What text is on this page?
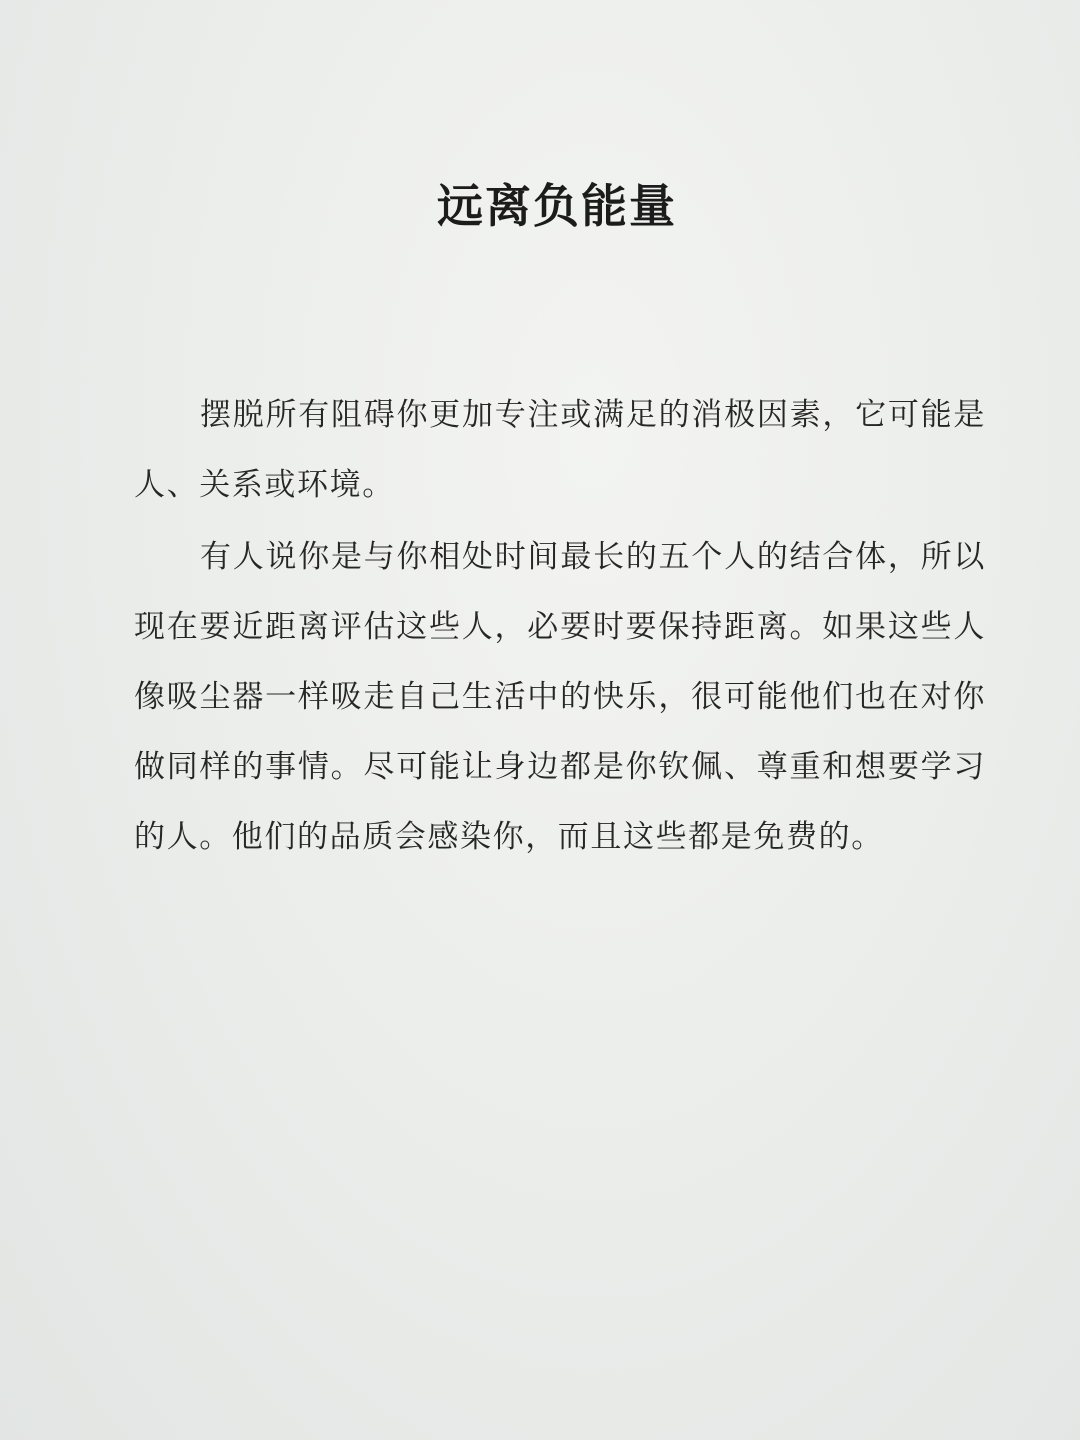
远离负能量

摆脱所有阻碍你更加专注或满足的消极因素，它可能是人、关系或环境。

有人说你是与你相处时间最长的五个人的结合体，所以现在要近距离评估这些人，必要时要保持距离。如果这些人像吸尘器一样吸走自己生活中的快乐，很可能他们也在对你做同样的事情。尽可能让身边都是你钦佩、尊重和想要学习的人。他们的品质会感染你，而且这些都是免费的。
